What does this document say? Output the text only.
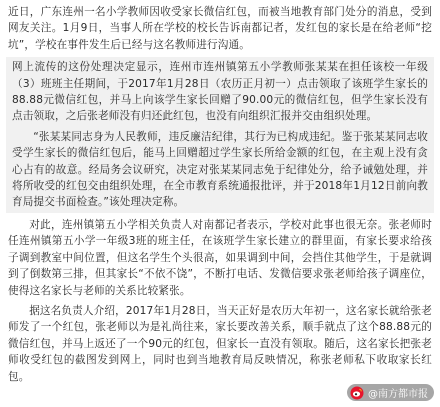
近日，广东连州一名小学教师因收受家长微信红包，而被当地教育部门处分的消息，受到网友关注。1月9日，当事人所在学校的校长告诉南都记者，发红包的家长是在给老师“挖坑”，学校在事件发生后已经与这名教师进行沟通。

网上流传的这份处理决定显示，连州市连州镇第五小学教师张某某在担任该校一年级（3）班班主任期间，于2017年1月28日（农历正月初一）点击领取了该班学生家长的88.88元微信红包，并马上向该学生家长回赠了90.00元的微信红包，但学生家长没有点击领取，之后张老师没有归还此红包，也没有向组织汇报并交由组织处理。

“张某某同志身为人民教师，违反廉洁纪律，其行为已构成违纪。鉴于张某某同志收受学生家长的微信红包后，能马上回赠超过学生家长所给金额的红包，在主观上没有贪心占有的故意。经局务会议研究，决定对张某某同志免于纪律处分，给予诫勉处理，并将所收受的红包交由组织处理，在全市教育系统通报批评，并于2018年1月12日前向教育局提交书面检查。”该处理决定称。

对此，连州镇第五小学相关负责人对南都记者表示，学校对此事也很无奈。张老师时任连州镇第五小学一年级3班的班主任，在该班学生家长建立的群里面，有家长要求给孩子调到教室中间位置，但这名学生个头很高，如果调到中间，会挡住其他学生，于是就调到了倒数第三排，但其家长“不依不饶”，不断打电话、发微信要求张老师给孩子调座位，使得这名家长与老师的关系比较紧张。

据这名负责人介绍，2017年1月28日，当天正好是农历大年初一，这名家长就给张老师发了一个红包，张老师以为是礼尚往来，家长要改善关系，顺手就点了这个88.88元的微信红包，并马上返还了一个90元的红包，但家长一直没有领取。随后，这名家长把张老师收受红包的截图发到网上，同时也到当地教育局反映情况，称张老师私下收取家长红包。

@南方都市报
